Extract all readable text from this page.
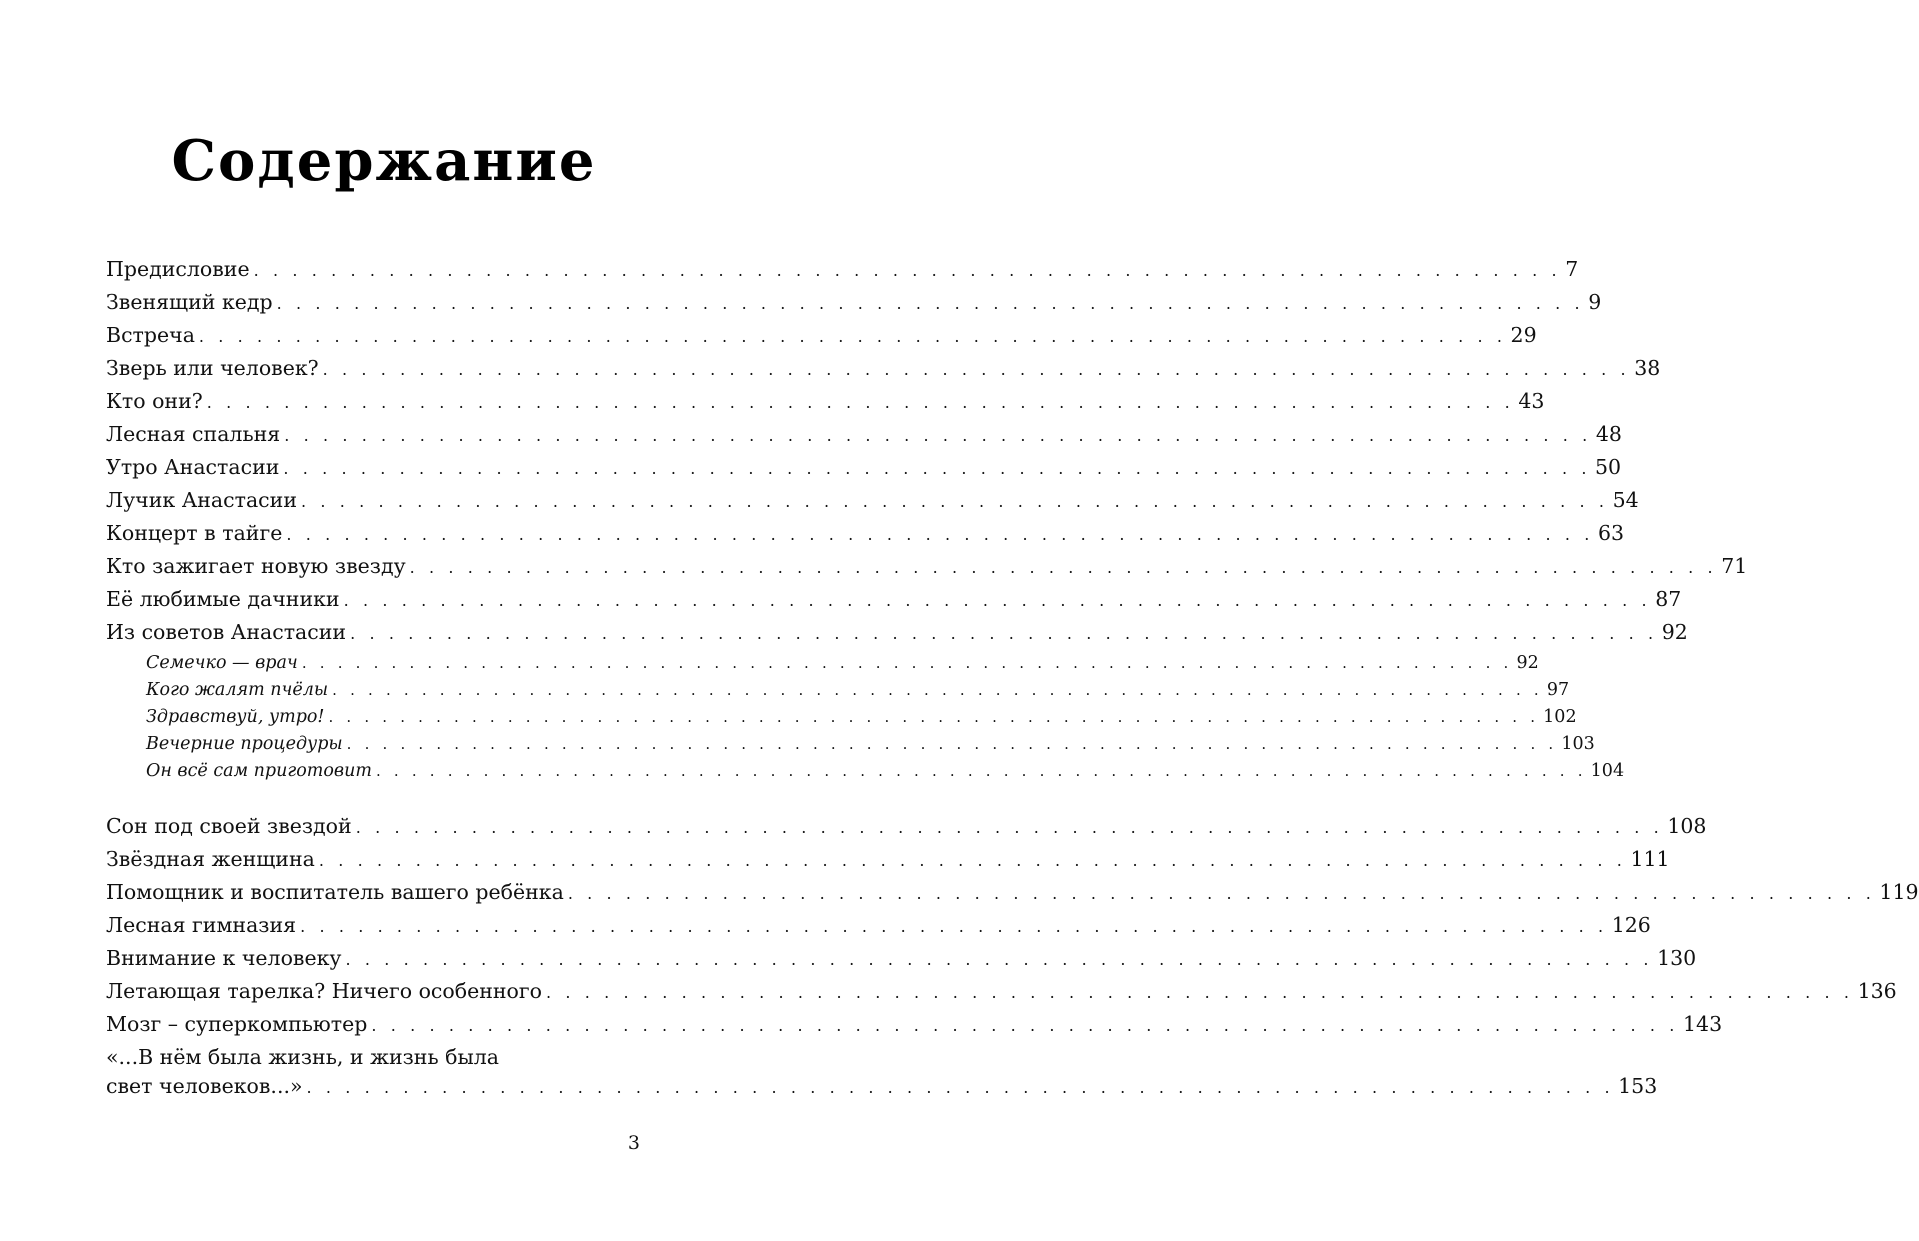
Содержание
Предисловие . . . . . . . . . . . . . . . . . . . . . . . . . . . . . . . . . . . . . . . . . . . . . . . . . . . . . . . . . . . . . . . . . . . . 7
Звенящий кедр . . . . . . . . . . . . . . . . . . . . . . . . . . . . . . . . . . . . . . . . . . . . . . . . . . . . . . . . . . . . . . . . . . . . 9
Встреча . . . . . . . . . . . . . . . . . . . . . . . . . . . . . . . . . . . . . . . . . . . . . . . . . . . . . . . . . . . . . . . . . . . . 29
Зверь или человек? . . . . . . . . . . . . . . . . . . . . . . . . . . . . . . . . . . . . . . . . . . . . . . . . . . . . . . . . . . . . . . . . . . . . 38
Кто они? . . . . . . . . . . . . . . . . . . . . . . . . . . . . . . . . . . . . . . . . . . . . . . . . . . . . . . . . . . . . . . . . . . . . 43
Лесная спальня . . . . . . . . . . . . . . . . . . . . . . . . . . . . . . . . . . . . . . . . . . . . . . . . . . . . . . . . . . . . . . . . . . . . 48
Утро Анастасии . . . . . . . . . . . . . . . . . . . . . . . . . . . . . . . . . . . . . . . . . . . . . . . . . . . . . . . . . . . . . . . . . . . . 50
Лучик Анастасии . . . . . . . . . . . . . . . . . . . . . . . . . . . . . . . . . . . . . . . . . . . . . . . . . . . . . . . . . . . . . . . . . . . . 54
Концерт в тайге . . . . . . . . . . . . . . . . . . . . . . . . . . . . . . . . . . . . . . . . . . . . . . . . . . . . . . . . . . . . . . . . . . . . 63
Кто зажигает новую звезду . . . . . . . . . . . . . . . . . . . . . . . . . . . . . . . . . . . . . . . . . . . . . . . . . . . . . . . . . . . . . . . . . . . . 71
Её любимые дачники . . . . . . . . . . . . . . . . . . . . . . . . . . . . . . . . . . . . . . . . . . . . . . . . . . . . . . . . . . . . . . . . . . . . 87
Из советов Анастасии . . . . . . . . . . . . . . . . . . . . . . . . . . . . . . . . . . . . . . . . . . . . . . . . . . . . . . . . . . . . . . . . . . . . 92
Семечко — врач . . . . . . . . . . . . . . . . . . . . . . . . . . . . . . . . . . . . . . . . . . . . . . . . . . . . . . . . . . . . . . . . . . . . 92
Кого жалят пчёлы . . . . . . . . . . . . . . . . . . . . . . . . . . . . . . . . . . . . . . . . . . . . . . . . . . . . . . . . . . . . . . . . . . . . 97
Здравствуй, утро! . . . . . . . . . . . . . . . . . . . . . . . . . . . . . . . . . . . . . . . . . . . . . . . . . . . . . . . . . . . . . . . . . . . . 102
Вечерние процедуры . . . . . . . . . . . . . . . . . . . . . . . . . . . . . . . . . . . . . . . . . . . . . . . . . . . . . . . . . . . . . . . . . . . . 103
Он всё сам приготовит . . . . . . . . . . . . . . . . . . . . . . . . . . . . . . . . . . . . . . . . . . . . . . . . . . . . . . . . . . . . . . . . . . . . 104
Сон под своей звездой . . . . . . . . . . . . . . . . . . . . . . . . . . . . . . . . . . . . . . . . . . . . . . . . . . . . . . . . . . . . . . . . . . . . 108
Звёздная женщина . . . . . . . . . . . . . . . . . . . . . . . . . . . . . . . . . . . . . . . . . . . . . . . . . . . . . . . . . . . . . . . . . . . . 111
Помощник и воспитатель вашего ребёнка . . . . . . . . . . . . . . . . . . . . . . . . . . . . . . . . . . . . . . . . . . . . . . . . . . . . . . . . . . . . . . . . . . . . 119
Лесная гимназия . . . . . . . . . . . . . . . . . . . . . . . . . . . . . . . . . . . . . . . . . . . . . . . . . . . . . . . . . . . . . . . . . . . . 126
Внимание к человеку . . . . . . . . . . . . . . . . . . . . . . . . . . . . . . . . . . . . . . . . . . . . . . . . . . . . . . . . . . . . . . . . . . . . 130
Летающая тарелка? Ничего особенного . . . . . . . . . . . . . . . . . . . . . . . . . . . . . . . . . . . . . . . . . . . . . . . . . . . . . . . . . . . . . . . . . . . . 136
Мозг – суперкомпьютер . . . . . . . . . . . . . . . . . . . . . . . . . . . . . . . . . . . . . . . . . . . . . . . . . . . . . . . . . . . . . . . . . . . . 143
«...В нём была жизнь, и жизнь была
свет человеков...» . . . . . . . . . . . . . . . . . . . . . . . . . . . . . . . . . . . . . . . . . . . . . . . . . . . . . . . . . . . . . . . . . . . . 153
3
